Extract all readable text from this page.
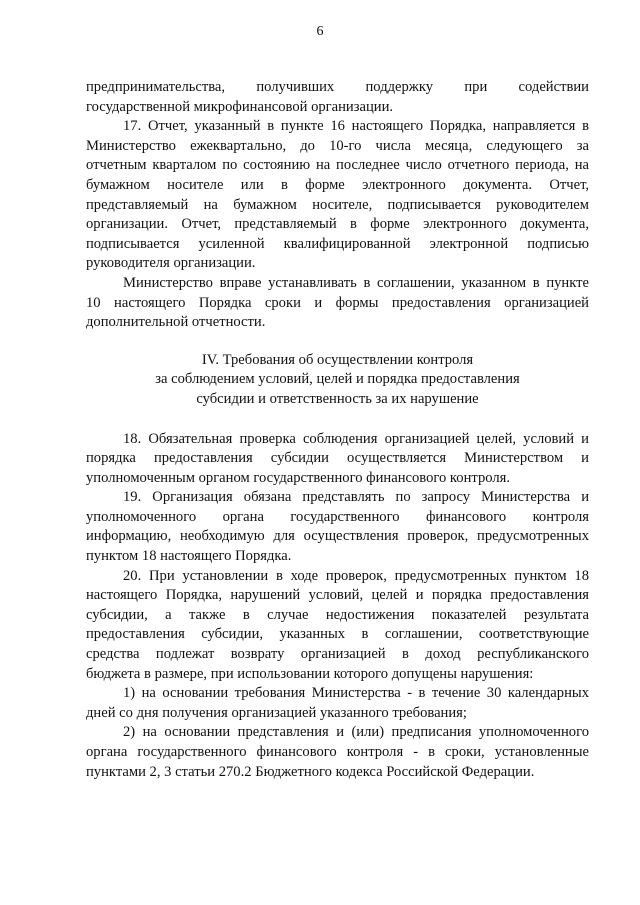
6
предпринимательства, получивших поддержку при содействии
государственной микрофинансовой организации.
17. Отчет, указанный в пункте 16 настоящего Порядка, направляется в
Министерство ежеквартально, до 10-го числа месяца, следующего за
отчетным кварталом по состоянию на последнее число отчетного периода, на
бумажном носителе или в форме электронного документа. Отчет,
представляемый на бумажном носителе, подписывается руководителем
организации. Отчет, представляемый в форме электронного документа,
подписывается усиленной квалифицированной электронной подписью
руководителя организации.
Министерство вправе устанавливать в соглашении, указанном в пункте
10 настоящего Порядка сроки и формы предоставления организацией
дополнительной отчетности.
IV. Требования об осуществлении контроля
за соблюдением условий, целей и порядка предоставления
субсидии и ответственность за их нарушение
18. Обязательная проверка соблюдения организацией целей, условий и
порядка предоставления субсидии осуществляется Министерством и
уполномоченным органом государственного финансового контроля.
19. Организация обязана представлять по запросу Министерства и
уполномоченного органа государственного финансового контроля
информацию, необходимую для осуществления проверок, предусмотренных
пунктом 18 настоящего Порядка.
20. При установлении в ходе проверок, предусмотренных пунктом 18
настоящего Порядка, нарушений условий, целей и порядка предоставления
субсидии, а также в случае недостижения показателей результата
предоставления субсидии, указанных в соглашении, соответствующие
средства подлежат возврату организацией в доход республиканского
бюджета в размере, при использовании которого допущены нарушения:
1) на основании требования Министерства - в течение 30 календарных
дней со дня получения организацией указанного требования;
2) на основании представления и (или) предписания уполномоченного
органа государственного финансового контроля - в сроки, установленные
пунктами 2, 3 статьи 270.2 Бюджетного кодекса Российской Федерации.
